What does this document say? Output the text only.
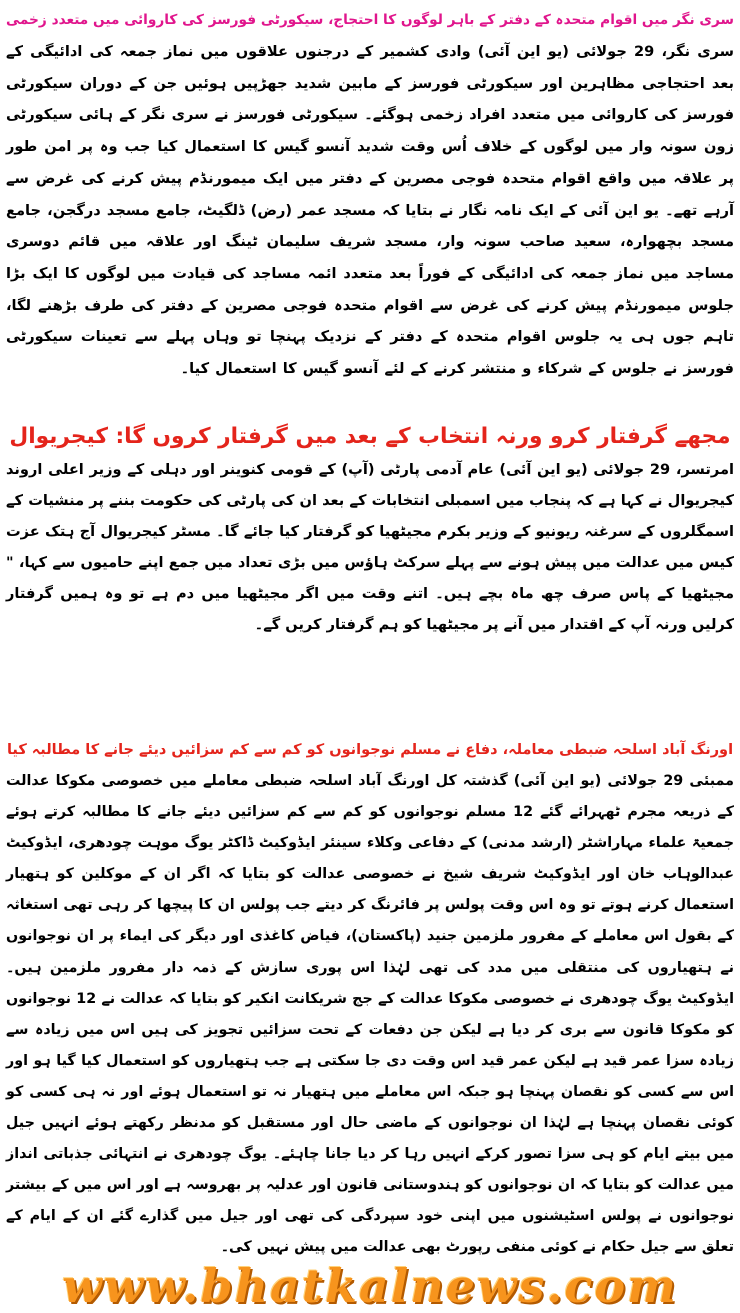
سری نگر میں اقوام متحدہ کے دفتر کے باہر لوگوں کا احتجاج، سیکورٹی فورسز کی کاروائی میں متعدد زخمی
سری نگر، 29 جولائی (یو این آئی) وادی کشمیر کے درجنوں علاقوں میں نماز جمعہ کی ادائیگی کے بعد احتجاجی مظاہرین اور سیکورٹی فورسز کے مابین شدید جھڑپیں ہوئیں جن کے دوران سیکورٹی فورسز کی کاروائی میں متعدد افراد زخمی ہوگئے۔ سیکورٹی فورسز نے سری نگر کے ہائی سیکورٹی زون سونہ وار میں لوگوں کے خلاف اُس وقت شدید آنسو گیس کا استعمال کیا جب وہ پر امن طور پر علاقہ میں واقع اقوام متحدہ فوجی مصرین کے دفتر میں ایک میمورنڈم پیش کرنے کی غرض سے آرہے تھے۔ یو این آئی کے ایک نامہ نگار نے بتایا کہ مسجد عمر (رض) ڈلگیٹ، جامع مسجد درگجن، جامع مسجد بچھوارہ، سعید صاحب سونہ وار، مسجد شریف سلیمان ٹینگ اور علاقہ میں قائم دوسری مساجد میں نماز جمعہ کی ادائیگی کے فوراً بعد متعدد ائمہ مساجد کی قیادت میں لوگوں کا ایک بڑا جلوس میمورنڈم پیش کرنے کی غرض سے اقوام متحدہ فوجی مصرین کے دفتر کی طرف بڑھنے لگا، تاہم جوں ہی یہ جلوس اقوام متحدہ کے دفتر کے نزدیک پہنچا تو وہاں پہلے سے تعینات سیکورٹی فورسز نے جلوس کے شرکاء و منتشر کرنے کے لئے آنسو گیس کا استعمال کیا۔
مجھے گرفتار کرو ورنہ انتخاب کے بعد میں گرفتار کروں گا: کیجریوال
امرتسر، 29 جولائی (یو این آئی) عام آدمی پارٹی (آپ) کے قومی کنوینر اور دہلی کے وزیر اعلی اروند کیجریوال نے کہا ہے کہ پنجاب میں اسمبلی انتخابات کے بعد ان کی پارٹی کی حکومت بننے پر منشیات کے اسمگلروں کے سرغنہ ریونیو کے وزیر بکرم مجیٹھیا کو گرفتار کیا جائے گا۔ مسٹر کیجریوال آج ہتک عزت کیس میں عدالت میں پیش ہونے سے پہلے سرکٹ ہاؤس میں بڑی تعداد میں جمع اپنے حامیوں سے کہا، " مجیٹھیا کے پاس صرف چھ ماہ بچے ہیں۔ اتنے وقت میں اگر مجیٹھیا میں دم ہے تو وہ ہمیں گرفتار کرلیں ورنہ آپ کے اقتدار میں آنے پر مجیٹھیا کو ہم گرفتار کریں گے۔
اورنگ آباد اسلحہ ضبطی معاملہ، دفاع نے مسلم نوجوانوں کو کم سے کم سزائیں دیئے جانے کا مطالبہ کیا
ممبئی 29 جولائی (یو این آئی) گذشتہ کل اورنگ آباد اسلحہ ضبطی معاملے میں خصوصی مکوکا عدالت کے ذریعہ مجرم ٹھہرائے گئے 12 مسلم نوجوانوں کو کم سے کم سزائیں دیئے جانے کا مطالبہ کرتے ہوئے جمعیۃ علماء مہاراشٹر (ارشد مدنی) کے دفاعی وکلاء سینئر ایڈوکیٹ ڈاکٹر یوگ موہت چودھری، ایڈوکیٹ عبدالوہاب خان اور ایڈوکیٹ شریف شیخ نے خصوصی عدالت کو بتایا کہ اگر ان کے موکلین کو ہتھیار استعمال کرنے ہوتے تو وہ اس وقت پولس پر فائرنگ کر دیتے جب پولس ان کا پیچھا کر رہی تھی استغاثہ کے بقول اس معاملے کے مفرور ملزمین جنید (پاکستان)، فیاض کاغذی اور دیگر کی ایماء پر ان نوجوانوں نے ہتھیاروں کی منتقلی میں مدد کی تھی لہٰذا اس پوری سازش کے ذمہ دار مفرور ملزمین ہیں۔ ایڈوکیٹ یوگ چودھری نے خصوصی مکوکا عدالت کے جج شریکانت انکیر کو بتایا کہ عدالت نے 12 نوجوانوں کو مکوکا قانون سے بری کر دیا ہے لیکن جن دفعات کے تحت سزائیں تجویز کی ہیں اس میں زیادہ سے زیادہ سزا عمر قید ہے لیکن عمر قید اس وقت دی جا سکتی ہے جب ہتھیاروں کو استعمال کیا گیا ہو اور اس سے کسی کو نقصان پہنچا ہو جبکہ اس معاملے میں ہتھیار نہ تو استعمال ہوئے اور نہ ہی کسی کو کوئی نقصان پہنچا ہے لہٰذا ان نوجوانوں کے ماضی حال اور مستقبل کو مدنظر رکھتے ہوئے انہیں جیل میں بیتے ایام کو ہی سزا تصور کرکے انہیں رہا کر دیا جانا چاہئے۔ یوگ چودھری نے انتہائی جذباتی انداز میں عدالت کو بتایا کہ ان نوجوانوں کو ہندوستانی قانون اور عدلیہ پر بھروسہ ہے اور اس میں کے بیشتر نوجوانوں نے پولس اسٹیشنوں میں اپنی خود سپردگی کی تھی اور جیل میں گذارے گئے ان کے ایام کے تعلق سے جیل حکام نے کوئی منفی رپورٹ بھی عدالت میں پیش نہیں کی۔
www.bhatkalnews.com
